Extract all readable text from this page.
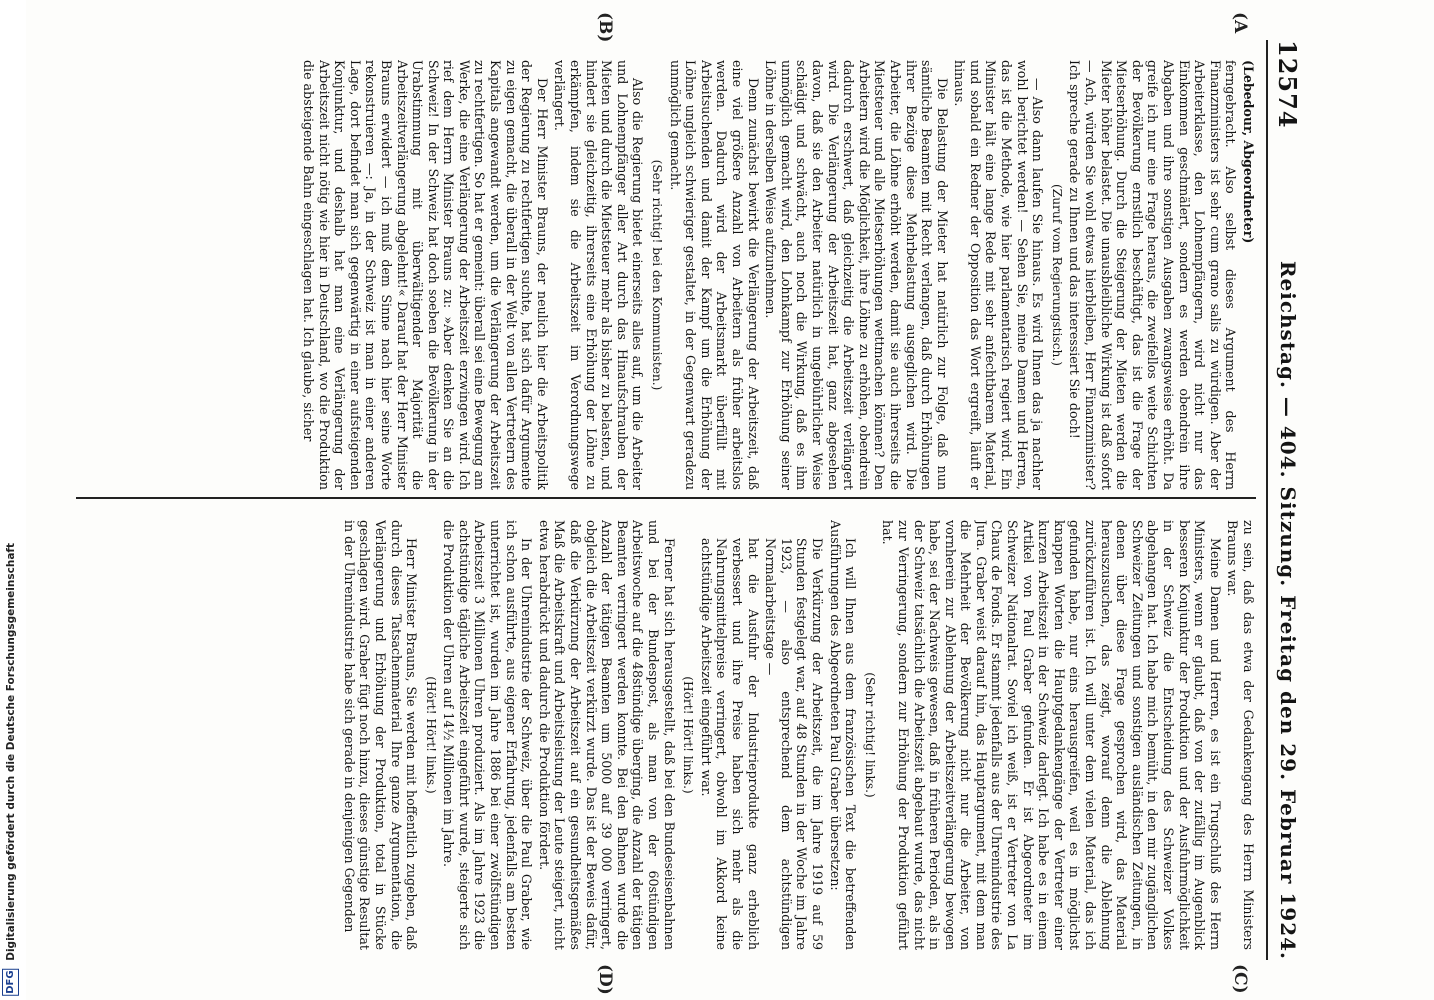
12574
Reichstag. — 404. Sitzung. Freitag den 29. Februar 1924.
(A
(B)
(C)
(D)

(Lebedour, Abgeordneter)

ferngebracht. Also selbst dieses Argument des Herrn Finanzministers ist sehr cum grano salis zu würdigen. Aber der Arbeiterklasse, den Lohnempfängern, wird nicht nur das Einkommen geschmälert, sondern es werden obendrein ihre Abgaben und ihre sonstigen Ausgaben zwangsweise erhöht. Da greife ich nur eine Frage heraus, die zweifellos weite Schichten der Bevölkerung ernstlich beschäftigt, das ist die Frage der Mietserhöhung. Durch die Steigerung der Mieten werden die Mieter höher belastet. Die unausbleibliche Wirkung ist daß sofort — Ach, würden Sie wohl etwas hierbleiben, Herr Finanzminister? Ich spreche gerade zu Ihnen und das interessiert Sie doch!

(Zuruf vom Regierungstisch.)

— Also dann laufen Sie hinaus. Es wird Ihnen das ja nachher wohl berichtet werden! — Sehen Sie, meine Damen und Herren, das ist die Methode, wie hier parlamentarisch regiert wird. Ein Minister hält eine lange Rede mit sehr anfechtbarem Material, und sobald ein Redner der Opposition das Wort ergreift, läuft er hinaus.

Die Belastung der Mieter hat natürlich zur Folge, daß nun sämtliche Beamten mit Recht verlangen, daß durch Erhöhungen ihrer Bezüge diese Mehrbelastung ausgeglichen wird. Die Arbeiter, die Löhne erhöht werden, damit sie auch ihrerseits die Mietsteuer und alle Mietserhöhungen wettmachen können? Den Arbeitern wird die Möglichkeit, ihre Löhne zu erhöhen, obendrein dadurch erschwert, daß gleichzeitig die Arbeitszeit verlängert wird. Die Verlängerung der Arbeitszeit hat, ganz abgesehen davon, daß sie den Arbeiter natürlich in ungebührlicher Weise schädigt und schwächt, auch noch die Wirkung, daß es ihm unmöglich gemacht wird, den Lohnkampf zur Erhöhung seiner Löhne in derselben Weise aufzunehmen.

Denn zunächst bewirkt die Verlängerung der Arbeitszeit, daß eine viel größere Anzahl von Arbeitern als früher arbeitslos werden. Dadurch wird der Arbeitsmarkt überfüllt mit Arbeitsuchenden und damit der Kampf um die Erhöhung der Löhne ungleich schwieriger gestaltet, in der Gegenwart geradezu unmöglich gemacht.

(Sehr richtig! bei den Kommunisten.)

Also die Regierung bietet einerseits alles auf, um die Arbeiter und Lohnempfänger aller Art durch das Hinaufschrauben der Mieten und durch die Mietsteuer mehr als bisher zu belasten, und hindert sie gleichzeitig, ihrerseits eine Erhöhung der Löhne zu erkämpfen, indem sie die Arbeitszeit im Verordnungswege verlängert.

Der Herr Minister Brauns, der neulich hier die Arbeitspolitik der Regierung zu rechtfertigen suchte, hat sich dafür Argumente zu eigen gemacht, die überall in der Welt von allen Vertretern des Kapitals angewandt werden, um die Verlängerung der Arbeitszeit zu rechtfertigen. So hat er gemeint: überall sei eine Bewegung am Werke, die eine Verlängerung der Arbeitszeit erzwingen wird. Ich rief dem Herrn Minister Brauns zu: »Aber denken Sie an die Schweiz! In der Schweiz hat doch soeben die Bevölkerung in der Urabstimmung mit überwältigender Majorität die Arbeitszeitverlängerung abgelehnt!« Darauf hat der Herr Minister Brauns erwidert — ich muß dem Sinne nach hier seine Worte rekonstruieren —: Ja, in der Schweiz ist man in einer anderen Lage, dort befindet man sich gegenwärtig in einer aufsteigenden Konjunktur, und deshalb hat man eine Verlängerung der Arbeitszeit nicht nötig wie hier in Deutschland, wo die Produktion die absteigende Bahn eingeschlagen hat. Ich glaube, sicher

zu sein, daß das etwa der Gedankengang des Herrn Ministers Brauns war.

Meine Damen und Herren, es ist ein Trugschluß des Herrn Ministers, wenn er glaubt, daß von der zufällig im Augenblick besseren Konjunktur der Produktion und der Ausfuhrmöglichkeit in der Schweiz die Entscheidung des Schweizer Volkes abgehangen hat. Ich habe mich bemüht, in den mir zugänglichen Schweizer Zeitungen und sonstigen ausländischen Zeitungen, in denen über diese Frage gesprochen wird, das Material herauszusuchen, das zeigt, worauf denn die Ablehnung zurückzuführen ist. Ich will unter dem vielen Material, das ich gefunden habe, nur eins herausgreifen, weil es in möglichst knappen Worten die Hauptgedankengänge der Vertreter einer kurzen Arbeitszeit in der Schweiz darlegt. Ich habe es in einem Artikel von Paul Graber gefunden. Er ist Abgeordneter im Schweizer Nationalrat. Soviel ich weiß, ist er Vertreter von La Chaux de Fonds. Er stammt jedenfalls aus der Uhrenindustrie des Jura. Graber weist darauf hin, das Hauptargument, mit dem man die Mehrheit der Bevölkerung nicht nur die Arbeiter, von vornherein zur Ablehnung der Arbeitszeitverlängerung bewogen habe, sei der Nachweis gewesen, daß in früheren Perioden, als in der Schweiz tatsächlich die Arbeitszeit abgebaut wurde, das nicht zur Verringerung, sondern zur Erhöhung der Produktion geführt hat.

(Sehr richtig! links.)

Ich will Ihnen aus dem französischen Text die betreffenden Ausführungen des Abgeordneten Paul Graber übersetzen:

Die Verkürzung der Arbeitszeit, die im Jahre 1919 auf 59 Stunden festgelegt war, auf 48 Stunden in der Woche im Jahre 1923, — also entsprechend dem achtstündigen Normalarbeitstage —

hat die Ausfuhr der Industrieprodukte ganz erheblich verbessert und ihre Preise haben sich mehr als die Nahrungsmittelpreise verringert, obwohl im Akkord keine achtstündige Arbeitszeit eingeführt war.

(Hört! Hört! links.)

Ferner hat sich herausgestellt, daß bei den Bundeseisenbahnen und bei der Bundespost, als man von der 60stündigen Arbeitswoche auf die 48stündige überging, die Anzahl der tätigen Beamten verringert werden konnte. Bei den Bahnen wurde die Anzahl der tätigen Beamten um 5000 auf 39 000 verringert, obgleich die Arbeitszeit verkürzt wurde. Das ist der Beweis dafür, daß die Verkürzung der Arbeitszeit auf ein gesundheitsgemäßes Maß die Arbeitskraft und Arbeitsleistung der Leute steigert, nicht etwa herabdrückt und dadurch die Produktion fördert.

In der Uhrenindustrie der Schweiz, über die Paul Graber, wie ich schon ausführte, aus eigener Erfahrung, jedenfalls am besten unterrichtet ist, wurden im Jahre 1886 bei einer zwölfstündigen Arbeitszeit 3 Millionen Uhren produziert. Als im Jahre 1923 die achtstündige tägliche Arbeitszeit eingeführt wurde, steigerte sich die Produktion der Uhren auf 14½ Millionen im Jahre.

(Hört! Hört! links.)

Herr Minister Brauns, Sie werden mit hoffentlich zugeben, daß durch dieses Tatsachenmaterial Ihre ganze Argumentation, die Verlängerung und Erhöhung der Produktion, total in Stücke geschlagen wird. Graber fügt noch hinzu, dieses günstige Resultat in der Uhrenindustrie habe sich gerade in denjenigen Gegenden

DFG Digitalisierung gefördert durch die Deutsche Forschungsgemeinschaft
